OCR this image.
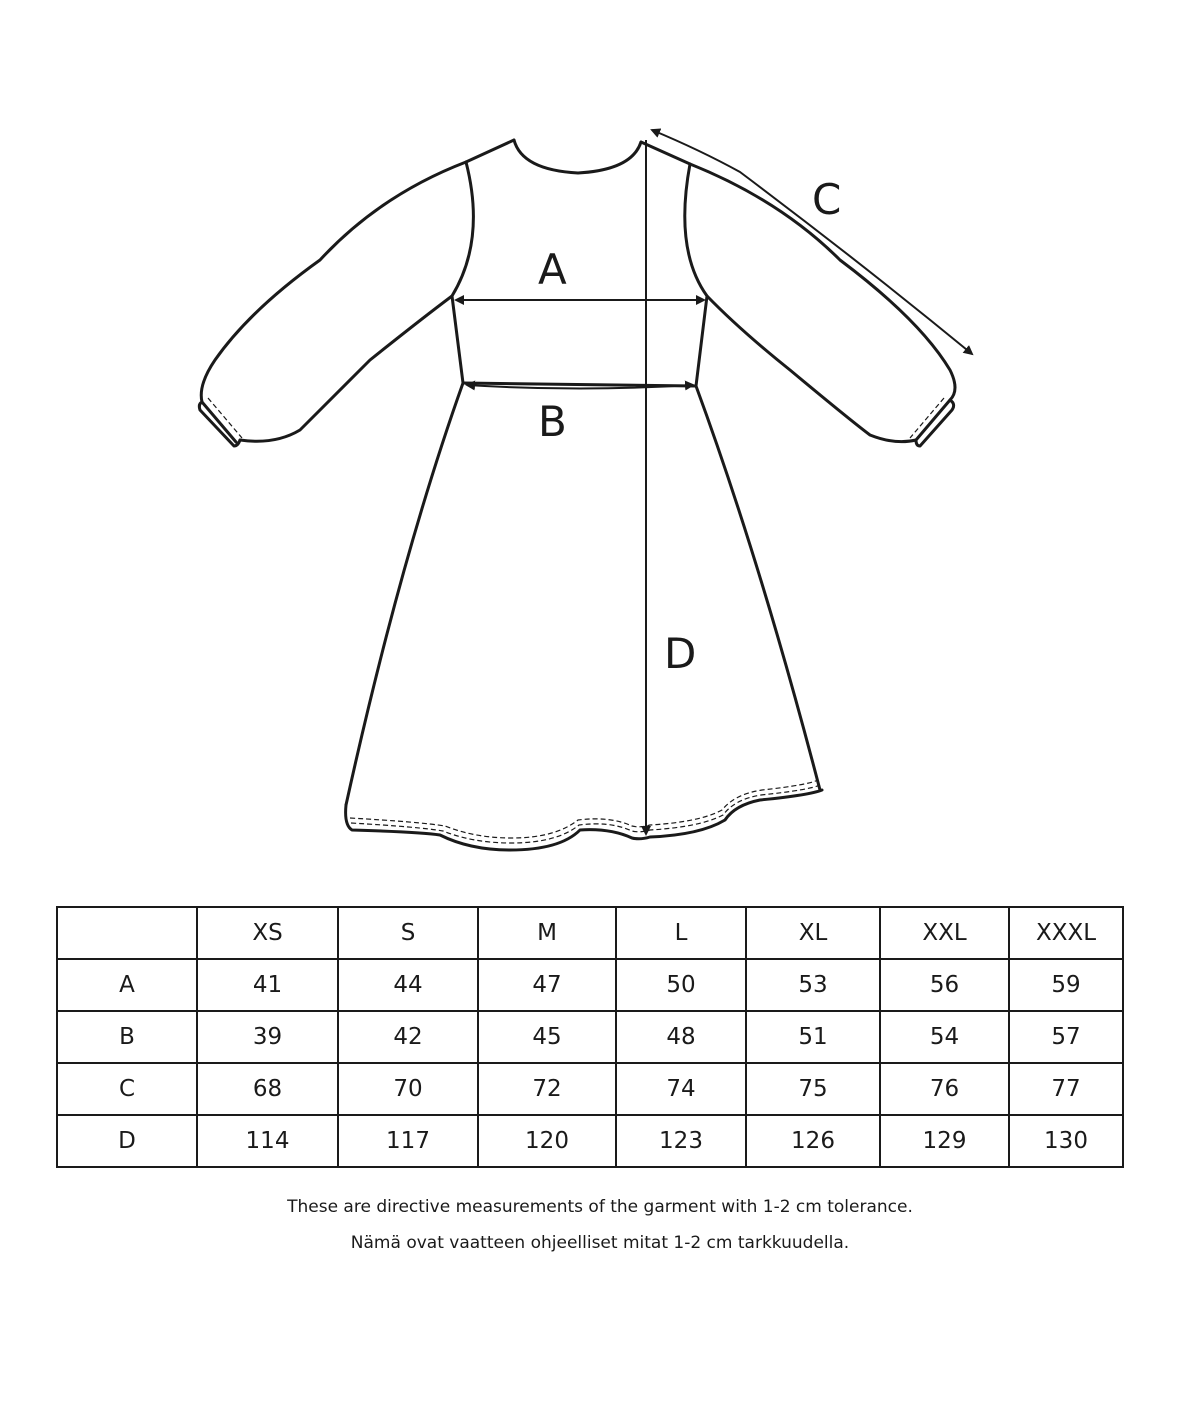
A
B
C
D
	XS	S	M	L	XL	XXL	XXXL
A	41	44	47	50	53	56	59
B	39	42	45	48	51	54	57
C	68	70	72	74	75	76	77
D	114	117	120	123	126	129	130
These are directive measurements of the garment with 1-2 cm tolerance.
Nämä ovat vaatteen ohjeelliset mitat 1-2 cm tarkkuudella.
